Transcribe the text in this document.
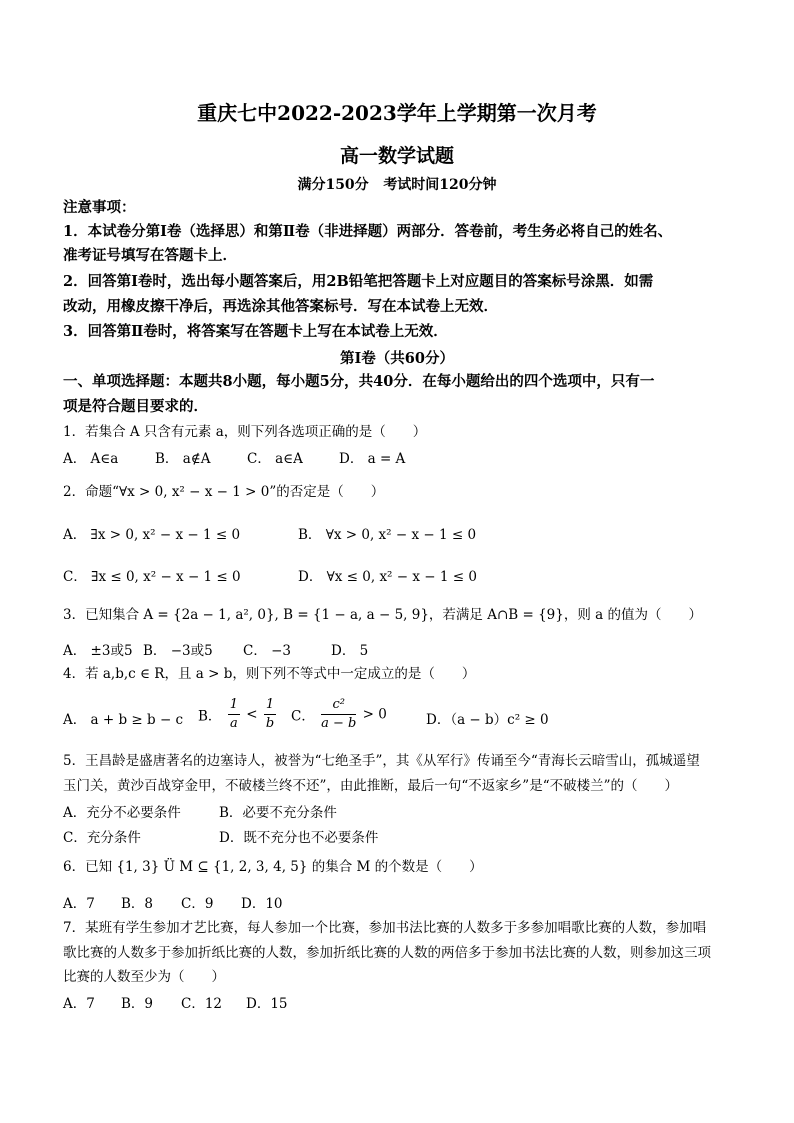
重庆七中2022-2023学年上学期第一次月考
高一数学试题
满分150分 考试时间120分钟
注意事项：
1．本试卷分第Ⅰ卷（选择思）和第Ⅱ卷（非进择题）两部分．答卷前，考生务必将自己的姓名、
准考证号填写在答题卡上．
2．回答第Ⅰ卷时，选出每小题答案后，用2B铅笔把答题卡上对应题目的答案标号涂黑．如需
改动，用橡皮擦干净后，再选涂其他答案标号．写在本试卷上无效．
3．回答第Ⅱ卷时，将答案写在答题卡上写在本试卷上无效．
第Ⅰ卷（共60分）
一、单项选择题：本题共8小题，每小题5分，共40分．在每小题给出的四个选项中，只有一
项是符合题目要求的．
1．若集合 A 只含有元素 a，则下列各选项正确的是（　　）
A． A∈a	B． a∉A	C． a∈A	D． a = A
2．命题“∀x > 0, x² − x − 1 > 0”的否定是（　　）
A． ∃x > 0, x² − x − 1 ≤ 0	B． ∀x > 0, x² − x − 1 ≤ 0
C． ∃x ≤ 0, x² − x − 1 ≤ 0	D． ∀x ≤ 0, x² − x − 1 ≤ 0
3．已知集合 A = {2a − 1, a², 0}, B = {1 − a, a − 5, 9}，若满足 A∩B = {9}，则 a 的值为（　　）
A． ±3或5 B． −3或5 C． −3	D． 5
4．若 a,b,c ∈ R，且 a > b，则下列不等式中一定成立的是（　　）
A． a + b ≥ b − c B． $\frac{1}{a} < \frac{1}{b}$ C． $\frac{\text{c²}}{a - b} > 0$	D．（a − b）c² ≥ 0
5．王昌龄是盛唐著名的边塞诗人，被誉为“七绝圣手”，其《从军行》传诵至今“青海长云暗雪山，孤城遥望
玉门关，黄沙百战穿金甲，不破楼兰终不还”，由此推断，最后一句“不返家乡”是“不破楼兰”的（　　）
A．充分不必要条件	B．必要不充分条件
C．充分条件	D．既不充分也不必要条件
6．已知 {1, 3} Ü M ⊆ {1, 2, 3, 4, 5} 的集合 M 的个数是（　　）
A．7 B．8 C．9 D．10
7．某班有学生参加才艺比赛，每人参加一个比赛，参加书法比赛的人数多于多参加唱歌比赛的人数，参加唱
歌比赛的人数多于参加折纸比赛的人数，参加折纸比赛的人数的两倍多于参加书法比赛的人数，则参加这三项
比赛的人数至少为（　　）
A．7 B．9 C．12 D．15
